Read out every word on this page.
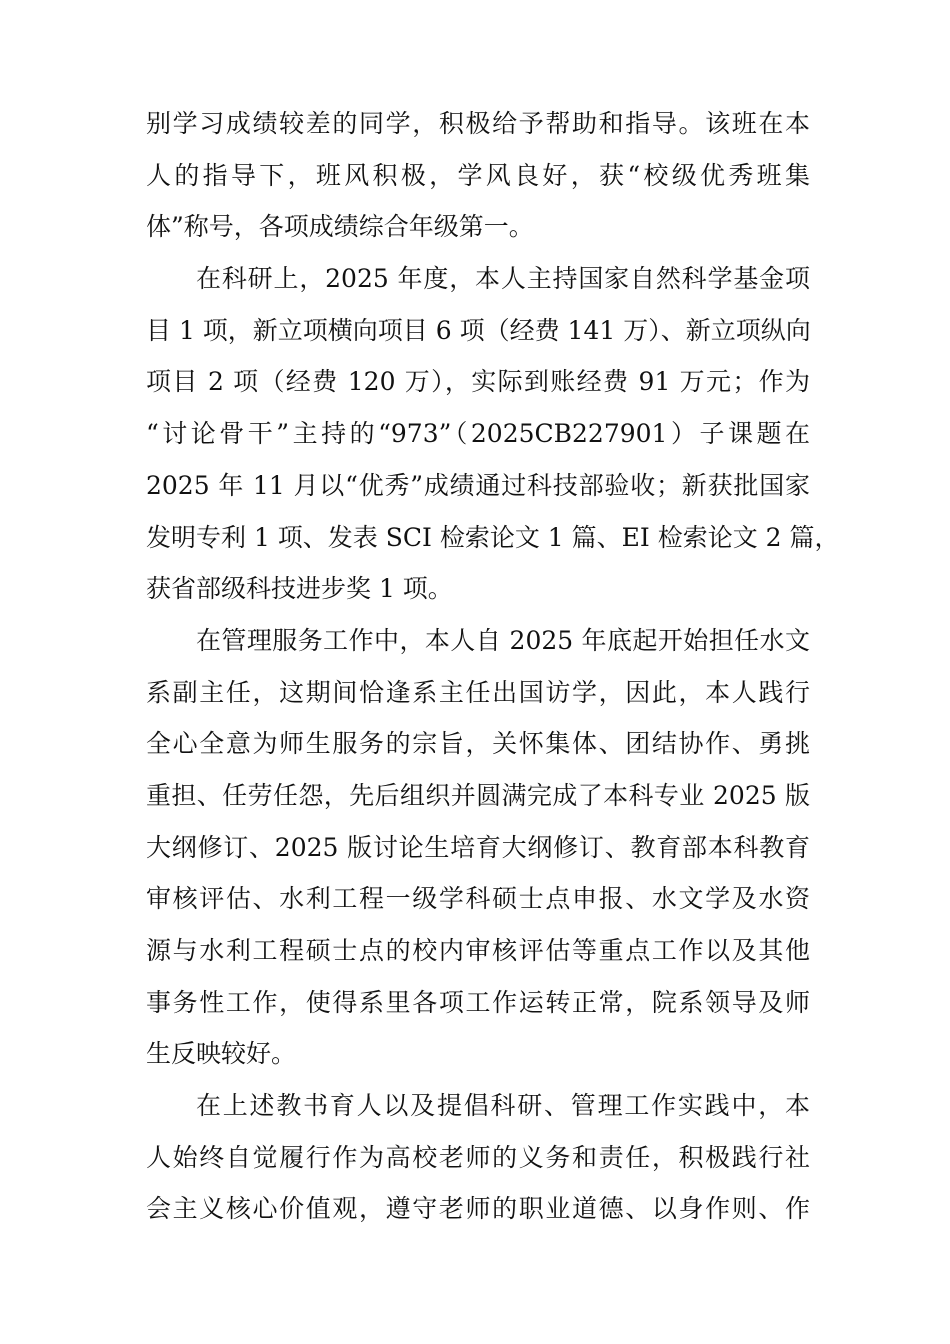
别学习成绩较差的同学，积极给予帮助和指导。该班在本
人的指导下，班风积极，学风良好，获“校级优秀班集
体”称号，各项成绩综合年级第一。
在科研上，2025 年度，本人主持国家自然科学基金项
目 1 项，新立项横向项目 6 项（经费 141 万）、新立项纵向
项目 2 项（经费 120 万），实际到账经费 91 万元；作为
“讨论骨干”主持的“973”（2025CB227901）子课题在
2025 年 11 月以“优秀”成绩通过科技部验收；新获批国家
发明专利 1 项、发表 SCI 检索论文 1 篇、EI 检索论文 2 篇，
获省部级科技进步奖 1 项。
在管理服务工作中，本人自 2025 年底起开始担任水文
系副主任，这期间恰逢系主任出国访学，因此，本人践行
全心全意为师生服务的宗旨，关怀集体、团结协作、勇挑
重担、任劳任怨，先后组织并圆满完成了本科专业 2025 版
大纲修订、2025 版讨论生培育大纲修订、教育部本科教育
审核评估、水利工程一级学科硕士点申报、水文学及水资
源与水利工程硕士点的校内审核评估等重点工作以及其他
事务性工作，使得系里各项工作运转正常，院系领导及师
生反映较好。
在上述教书育人以及提倡科研、管理工作实践中，本
人始终自觉履行作为高校老师的义务和责任，积极践行社
会主义核心价值观，遵守老师的职业道德、以身作则、作
